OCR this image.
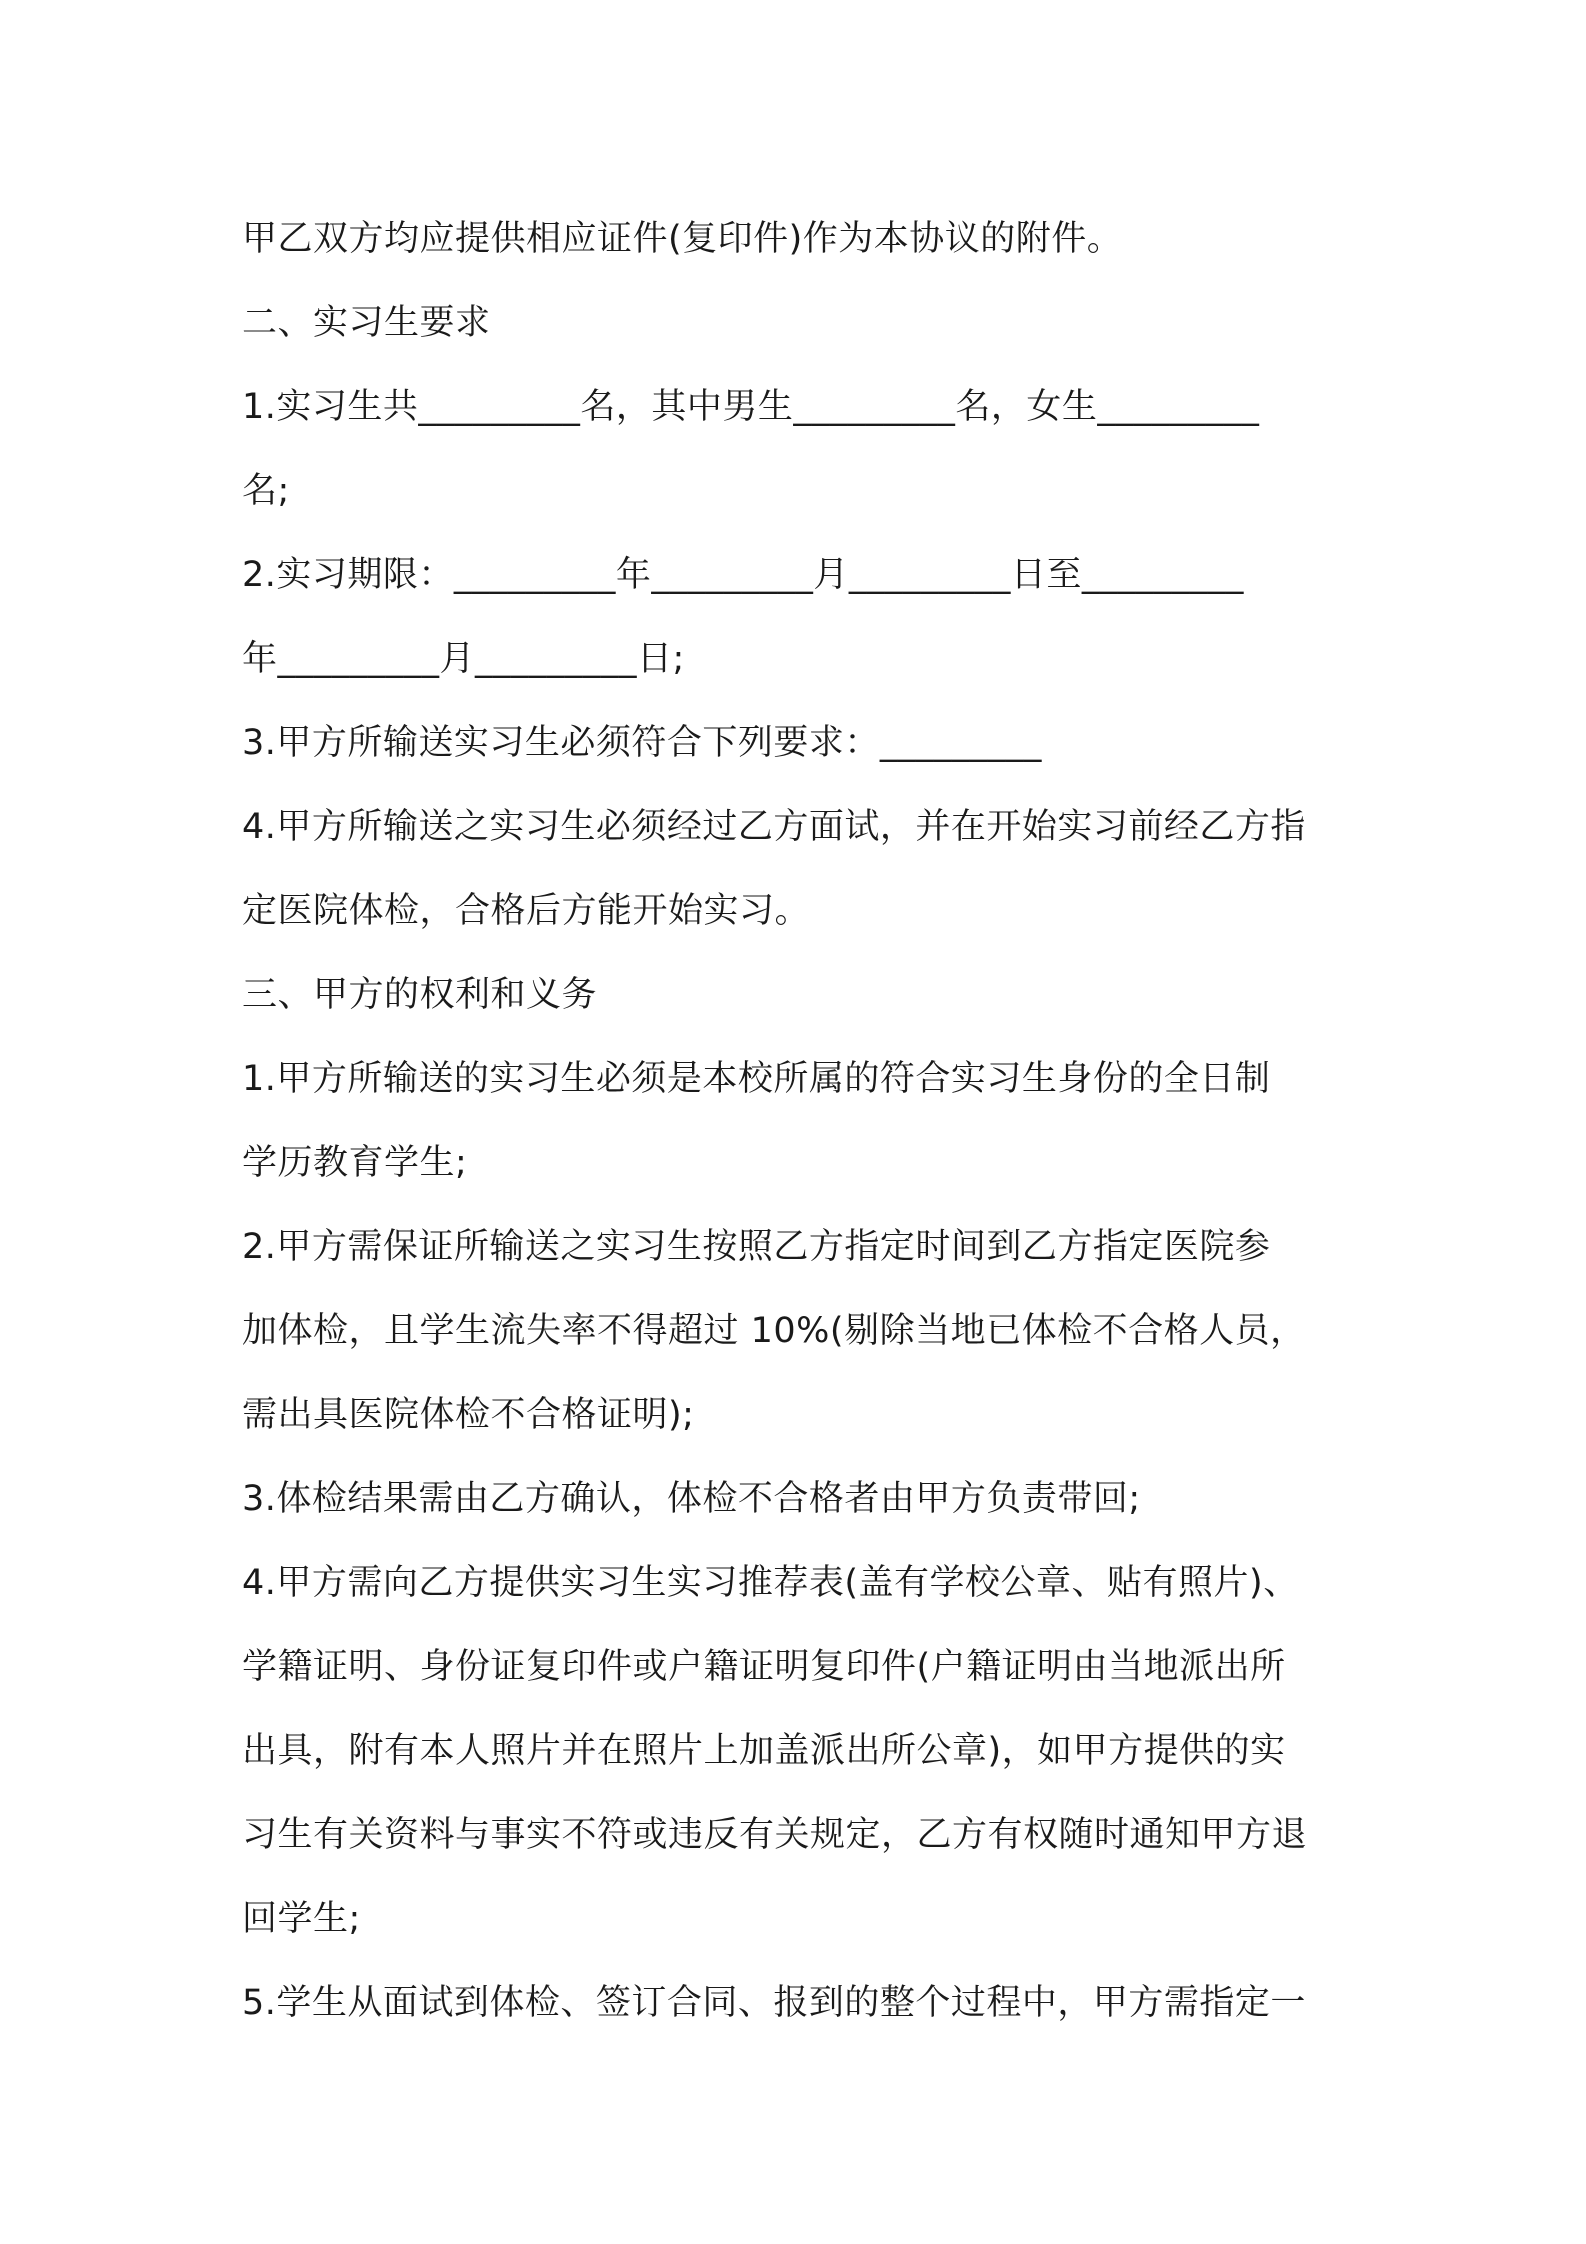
甲乙双方均应提供相应证件(复印件)作为本协议的附件。
二、实习生要求
1.实习生共_________名，其中男生_________名，女生_________
名;
2.实习期限：_________年_________月_________日至_________
年_________月_________日;
3.甲方所输送实习生必须符合下列要求：_________
4.甲方所输送之实习生必须经过乙方面试，并在开始实习前经乙方指
定医院体检，合格后方能开始实习。
三、甲方的权利和义务
1.甲方所输送的实习生必须是本校所属的符合实习生身份的全日制
学历教育学生;
2.甲方需保证所输送之实习生按照乙方指定时间到乙方指定医院参
加体检，且学生流失率不得超过 10%(剔除当地已体检不合格人员，
需出具医院体检不合格证明);
3.体检结果需由乙方确认，体检不合格者由甲方负责带回;
4.甲方需向乙方提供实习生实习推荐表(盖有学校公章、贴有照片)、
学籍证明、身份证复印件或户籍证明复印件(户籍证明由当地派出所
出具，附有本人照片并在照片上加盖派出所公章)，如甲方提供的实
习生有关资料与事实不符或违反有关规定，乙方有权随时通知甲方退
回学生;
5.学生从面试到体检、签订合同、报到的整个过程中，甲方需指定一
